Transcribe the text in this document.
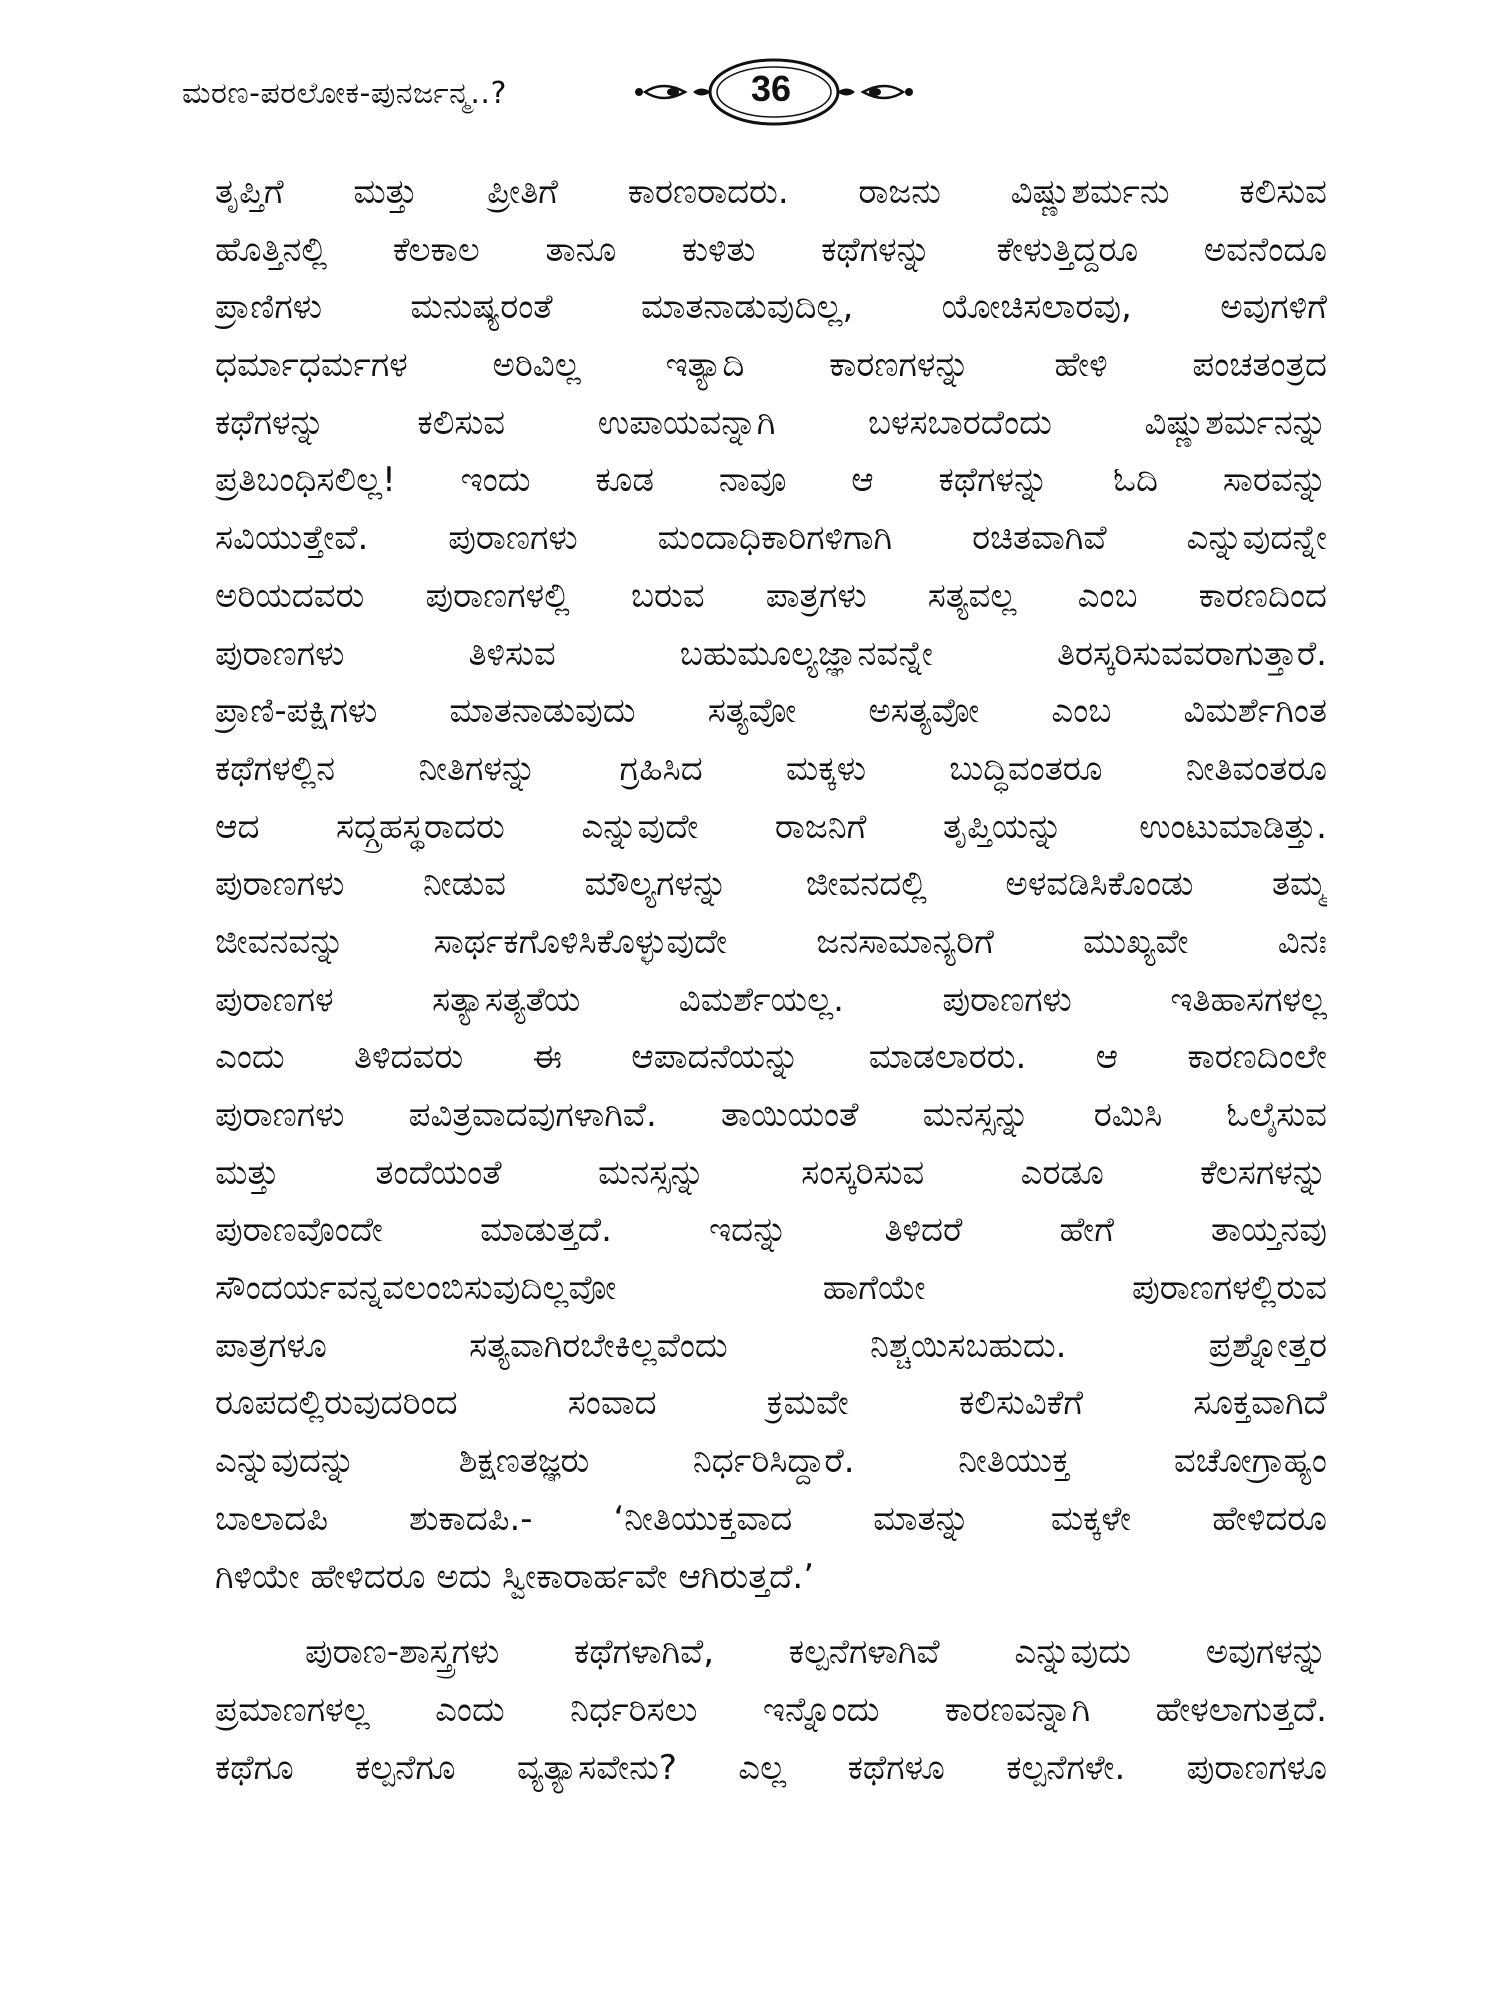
ಮರಣ-ಪರಲೋಕ-ಪುನರ್ಜನ್ಮ..?	36
ತೃಪ್ತಿಗೆ ಮತ್ತು ಪ್ರೀತಿಗೆ ಕಾರಣರಾದರು. ರಾಜನು ವಿಷ್ಣುಶರ್ಮನು ಕಲಿಸುವ
ಹೊತ್ತಿನಲ್ಲಿ ಕೆಲಕಾಲ ತಾನೂ ಕುಳಿತು ಕಥೆಗಳನ್ನು ಕೇಳುತ್ತಿದ್ದರೂ ಅವನೆಂದೂ
ಪ್ರಾಣಿಗಳು ಮನುಷ್ಯರಂತೆ ಮಾತನಾಡುವುದಿಲ್ಲ, ಯೋಚಿಸಲಾರವು, ಅವುಗಳಿಗೆ
ಧರ್ಮಾಧರ್ಮಗಳ ಅರಿವಿಲ್ಲ ಇತ್ಯಾದಿ ಕಾರಣಗಳನ್ನು ಹೇಳಿ ಪಂಚತಂತ್ರದ
ಕಥೆಗಳನ್ನು ಕಲಿಸುವ ಉಪಾಯವನ್ನಾಗಿ ಬಳಸಬಾರದೆಂದು ವಿಷ್ಣುಶರ್ಮನನ್ನು
ಪ್ರತಿಬಂಧಿಸಲಿಲ್ಲ! ಇಂದು ಕೂಡ ನಾವೂ ಆ ಕಥೆಗಳನ್ನು ಓದಿ ಸಾರವನ್ನು
ಸವಿಯುತ್ತೇವೆ. ಪುರಾಣಗಳು ಮಂದಾಧಿಕಾರಿಗಳಿಗಾಗಿ ರಚಿತವಾಗಿವೆ ಎನ್ನುವುದನ್ನೇ
ಅರಿಯದವರು ಪುರಾಣಗಳಲ್ಲಿ ಬರುವ ಪಾತ್ರಗಳು ಸತ್ಯವಲ್ಲ ಎಂಬ ಕಾರಣದಿಂದ
ಪುರಾಣಗಳು ತಿಳಿಸುವ ಬಹುಮೂಲ್ಯಜ್ಞಾನವನ್ನೇ ತಿರಸ್ಕರಿಸುವವರಾಗುತ್ತಾರೆ.
ಪ್ರಾಣಿ-ಪಕ್ಷಿಗಳು ಮಾತನಾಡುವುದು ಸತ್ಯವೋ ಅಸತ್ಯವೋ ಎಂಬ ವಿಮರ್ಶೆಗಿಂತ
ಕಥೆಗಳಲ್ಲಿನ ನೀತಿಗಳನ್ನು ಗ್ರಹಿಸಿದ ಮಕ್ಕಳು ಬುದ್ಧಿವಂತರೂ ನೀತಿವಂತರೂ
ಆದ ಸದ್ಗ್ರಹಸ್ಥರಾದರು ಎನ್ನುವುದೇ ರಾಜನಿಗೆ ತೃಪ್ತಿಯನ್ನು ಉಂಟುಮಾಡಿತ್ತು.
ಪುರಾಣಗಳು ನೀಡುವ ಮೌಲ್ಯಗಳನ್ನು ಜೀವನದಲ್ಲಿ ಅಳವಡಿಸಿಕೊಂಡು ತಮ್ಮ
ಜೀವನವನ್ನು ಸಾರ್ಥಕಗೊಳಿಸಿಕೊಳ್ಳುವುದೇ ಜನಸಾಮಾನ್ಯರಿಗೆ ಮುಖ್ಯವೇ ವಿನಃ
ಪುರಾಣಗಳ ಸತ್ಯಾಸತ್ಯತೆಯ ವಿಮರ್ಶೆಯಲ್ಲ. ಪುರಾಣಗಳು ಇತಿಹಾಸಗಳಲ್ಲ
ಎಂದು ತಿಳಿದವರು ಈ ಆಪಾದನೆಯನ್ನು ಮಾಡಲಾರರು. ಆ ಕಾರಣದಿಂಲೇ
ಪುರಾಣಗಳು ಪವಿತ್ರವಾದವುಗಳಾಗಿವೆ. ತಾಯಿಯಂತೆ ಮನಸ್ಸನ್ನು ರಮಿಸಿ ಓಲೈಸುವ
ಮತ್ತು ತಂದೆಯಂತೆ ಮನಸ್ಸನ್ನು ಸಂಸ್ಕರಿಸುವ ಎರಡೂ ಕೆಲಸಗಳನ್ನು
ಪುರಾಣವೊಂದೇ ಮಾಡುತ್ತದೆ. ಇದನ್ನು ತಿಳಿದರೆ ಹೇಗೆ ತಾಯ್ತನವು
ಸೌಂದರ್ಯವನ್ನವಲಂಬಿಸುವುದಿಲ್ಲವೋ ಹಾಗೆಯೇ ಪುರಾಣಗಳಲ್ಲಿರುವ
ಪಾತ್ರಗಳೂ ಸತ್ಯವಾಗಿರಬೇಕಿಲ್ಲವೆಂದು ನಿಶ್ಚಯಿಸಬಹುದು. ಪ್ರಶ್ನೋತ್ತರ
ರೂಪದಲ್ಲಿರುವುದರಿಂದ ಸಂವಾದ ಕ್ರಮವೇ ಕಲಿಸುವಿಕೆಗೆ ಸೂಕ್ತವಾಗಿದೆ
ಎನ್ನುವುದನ್ನು ಶಿಕ್ಷಣತಜ್ಞರು ನಿರ್ಧರಿಸಿದ್ದಾರೆ. ನೀತಿಯುಕ್ತ ವಚೋಗ್ರಾಹ್ಯಂ
ಬಾಲಾದಪಿ ಶುಕಾದಪಿ.- ‘ನೀತಿಯುಕ್ತವಾದ ಮಾತನ್ನು ಮಕ್ಕಳೇ ಹೇಳಿದರೂ
ಗಿಳಿಯೇ ಹೇಳಿದರೂ ಅದು ಸ್ವೀಕಾರಾರ್ಹವೇ ಆಗಿರುತ್ತದೆ.’
ಪುರಾಣ-ಶಾಸ್ತ್ರಗಳು ಕಥೆಗಳಾಗಿವೆ, ಕಲ್ಪನೆಗಳಾಗಿವೆ ಎನ್ನುವುದು ಅವುಗಳನ್ನು
ಪ್ರಮಾಣಗಳಲ್ಲ ಎಂದು ನಿರ್ಧರಿಸಲು ಇನ್ನೊಂದು ಕಾರಣವನ್ನಾಗಿ ಹೇಳಲಾಗುತ್ತದೆ.
ಕಥೆಗೂ ಕಲ್ಪನೆಗೂ ವ್ಯತ್ಯಾಸವೇನು? ಎಲ್ಲ ಕಥೆಗಳೂ ಕಲ್ಪನೆಗಳೇ. ಪುರಾಣಗಳೂ
